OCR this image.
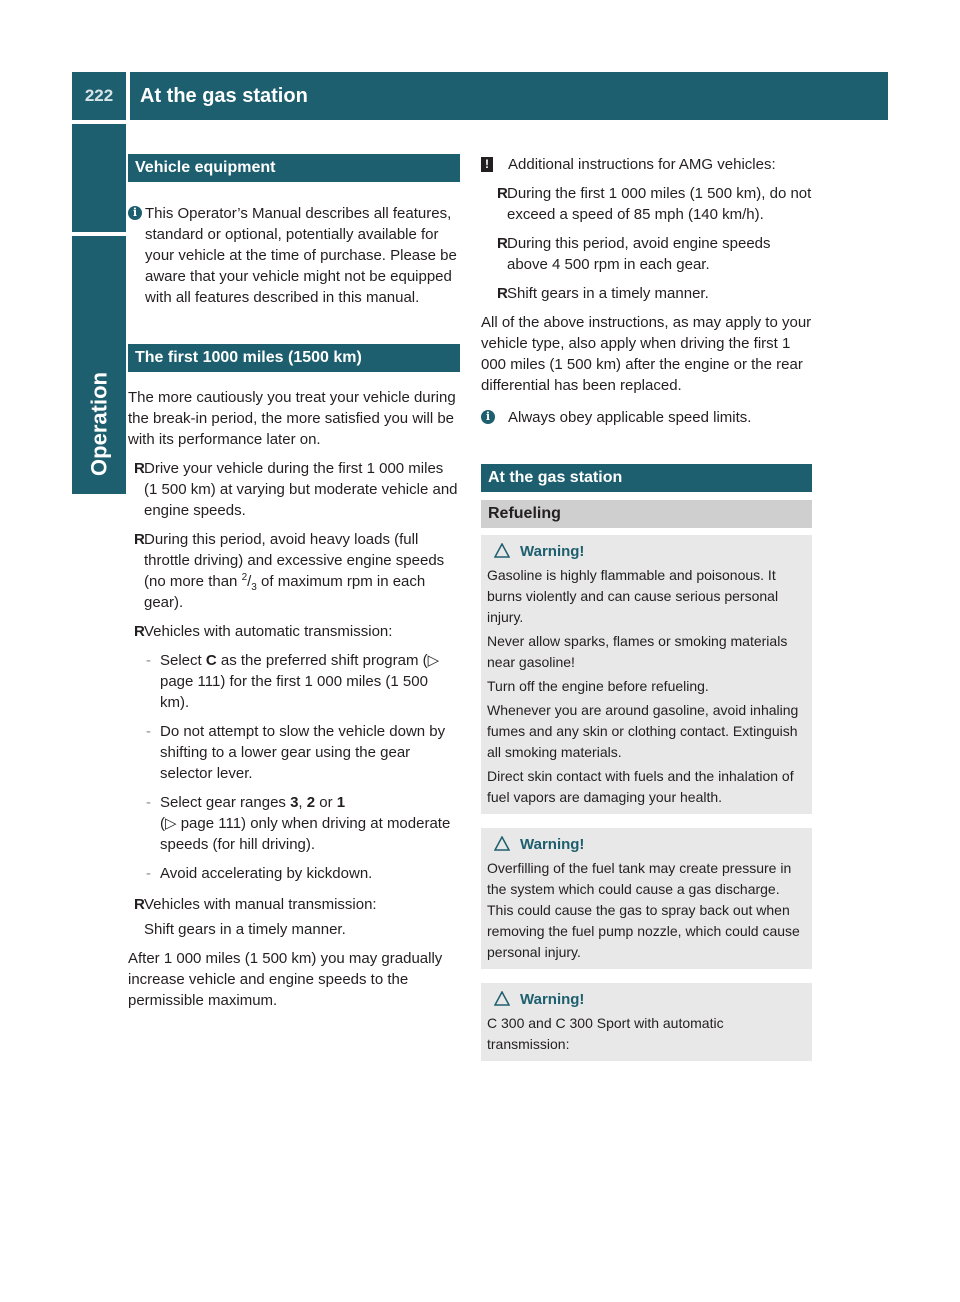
222	At the gas station
Operation
Vehicle equipment
i This Operator’s Manual describes all features, standard or optional, potentially available for your vehicle at the time of purchase. Please be aware that your vehicle might not be equipped with all features described in this manual.

The first 1000 miles (1500 km)

The more cautiously you treat your vehicle during the break-in period, the more satisfied you will be with its performance later on.

R Drive your vehicle during the first 1 000 miles (1 500 km) at varying but moderate vehicle and engine speeds.

R During this period, avoid heavy loads (full throttle driving) and excessive engine speeds (no more than $^2/_3$ of maximum rpm in each gear).

R Vehicles with automatic transmission:

- Select C as the preferred shift program (▷ page 111) for the first 1 000 miles (1 500 km).

- Do not attempt to slow the vehicle down by shifting to a lower gear using the gear selector lever.

- Select gear ranges 3, 2 or 1
(▷ page 111) only when driving at moderate speeds (for hill driving).

- Avoid accelerating by kickdown.

R Vehicles with manual transmission:

Shift gears in a timely manner.

After 1 000 miles (1 500 km) you may gradually increase vehicle and engine speeds to the permissible maximum.

! Additional instructions for AMG vehicles:

R During the first 1 000 miles (1 500 km), do not exceed a speed of 85 mph (140 km/h).

R During this period, avoid engine speeds above 4 500 rpm in each gear.

R Shift gears in a timely manner.

All of the above instructions, as may apply to your vehicle type, also apply when driving the first 1 000 miles (1 500 km) after the engine or the rear differential has been replaced.

i	Always obey applicable speed limits.

At the gas station
Refueling
Warning!

Gasoline is highly flammable and poisonous. It burns violently and can cause serious personal injury.

Never allow sparks, flames or smoking materials near gasoline!

Turn off the engine before refueling.

Whenever you are around gasoline, avoid inhaling fumes and any skin or clothing contact. Extinguish all smoking materials.

Direct skin contact with fuels and the inhalation of fuel vapors are damaging your health.

Warning!

Overfilling of the fuel tank may create pressure in the system which could cause a gas discharge. This could cause the gas to spray back out when removing the fuel pump nozzle, which could cause personal injury.

Warning!

C 300 and C 300 Sport with automatic transmission:
